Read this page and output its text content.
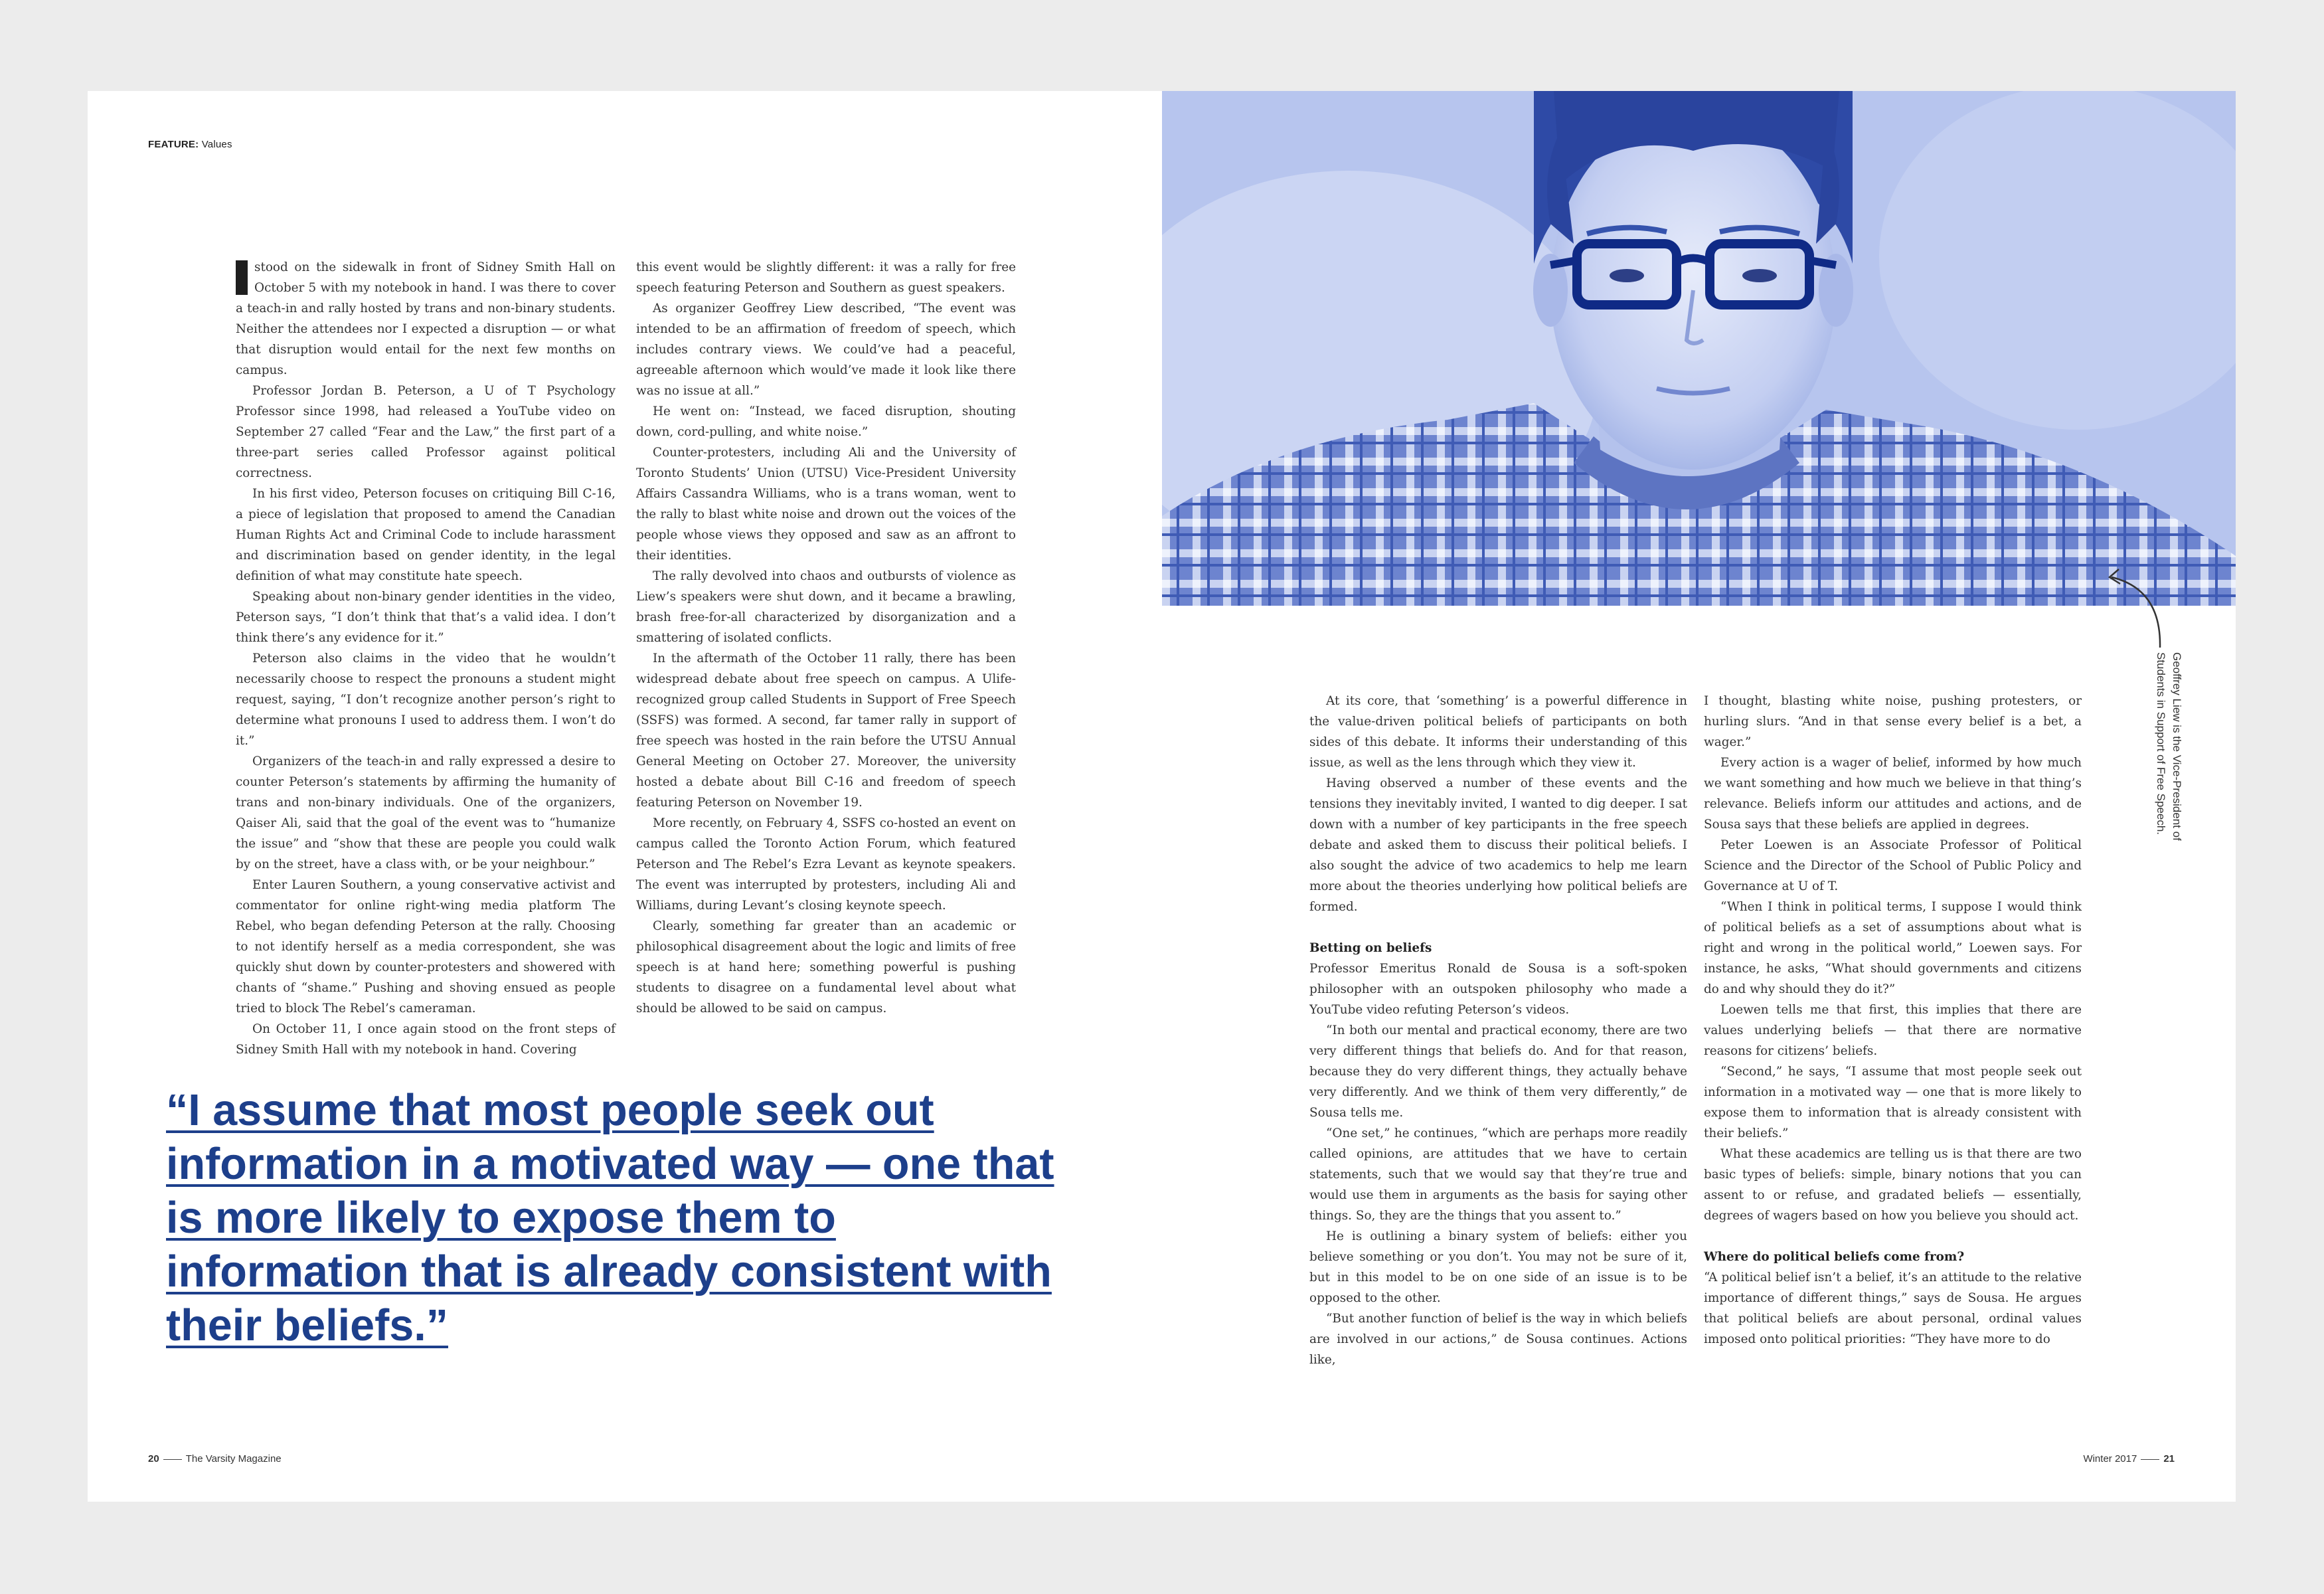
FEATURE: Values

stood on the sidewalk in front of Sidney Smith Hall on October 5 with my notebook in hand. I was there to cover a teach-in and rally hosted by trans and non-binary students. Neither the attendees nor I expected a disruption — or what that disruption would entail for the next few months on campus.

Professor Jordan B. Peterson, a U of T Psychology Professor since 1998, had released a YouTube video on September 27 called “Fear and the Law,” the first part of a three-part series called Professor against political correctness.

In his first video, Peterson focuses on critiquing Bill C-16, a piece of legislation that proposed to amend the Canadian Human Rights Act and Criminal Code to include harassment and discrimination based on gender identity, in the legal definition of what may constitute hate speech.

Speaking about non-binary gender identities in the video, Peterson says, “I don’t think that that’s a valid idea. I don’t think there’s any evidence for it.”

Peterson also claims in the video that he wouldn’t necessarily choose to respect the pronouns a student might request, saying, “I don’t recognize another person’s right to determine what pronouns I used to address them. I won’t do it.”

Organizers of the teach-in and rally expressed a desire to counter Peterson’s statements by affirming the humanity of trans and non-binary individuals. One of the organizers, Qaiser Ali, said that the goal of the event was to “humanize the issue” and “show that these are people you could walk by on the street, have a class with, or be your neighbour.”

Enter Lauren Southern, a young conservative activist and commentator for online right-wing media platform The Rebel, who began defending Peterson at the rally. Choosing to not identify herself as a media correspondent, she was quickly shut down by counter-protesters and showered with chants of “shame.” Pushing and shoving ensued as people tried to block The Rebel’s cameraman.

On October 11, I once again stood on the front steps of Sidney Smith Hall with my notebook in hand. Covering

this event would be slightly different: it was a rally for free speech featuring Peterson and Southern as guest speakers.

As organizer Geoffrey Liew described, “The event was intended to be an affirmation of freedom of speech, which includes contrary views. We could’ve had a peaceful, agreeable afternoon which would’ve made it look like there was no issue at all.”

He went on: “Instead, we faced disruption, shouting down, cord-pulling, and white noise.”

Counter-protesters, including Ali and the University of Toronto Students’ Union (UTSU) Vice-President University Affairs Cassandra Williams, who is a trans woman, went to the rally to blast white noise and drown out the voices of the people whose views they opposed and saw as an affront to their identities.

The rally devolved into chaos and outbursts of violence as Liew’s speakers were shut down, and it became a brawling, brash free-for-all characterized by disorganization and a smattering of isolated conflicts.

In the aftermath of the October 11 rally, there has been widespread debate about free speech on campus. A Ulife-recognized group called Students in Support of Free Speech (SSFS) was formed. A second, far tamer rally in support of free speech was hosted in the rain before the UTSU Annual General Meeting on October 27. Moreover, the university hosted a debate about Bill C-16 and freedom of speech featuring Peterson on November 19.

More recently, on February 4, SSFS co-hosted an event on campus called the Toronto Action Forum, which featured Peterson and The Rebel’s Ezra Levant as keynote speakers. The event was interrupted by protesters, including Ali and Williams, during Levant’s closing keynote speech.

Clearly, something far greater than an academic or philosophical disagreement about the logic and limits of free speech is at hand here; something powerful is pushing students to disagree on a fundamental level about what should be allowed to be said on campus.

“I assume that most people seek out information in a motivated way — one that is more likely to expose them to information that is already consistent with their beliefs.”

20	The Varsity Magazine
Geoffrey Liew is the Vice-President of Students in Support of Free Speech.

At its core, that ‘something’ is a powerful difference in the value-driven political beliefs of participants on both sides of this debate. It informs their understanding of this issue, as well as the lens through which they view it.

Having observed a number of these events and the tensions they inevitably invited, I wanted to dig deeper. I sat down with a number of key participants in the free speech debate and asked them to discuss their political beliefs. I also sought the advice of two academics to help me learn more about the theories underlying how political beliefs are formed.

Betting on beliefs

Professor Emeritus Ronald de Sousa is a soft-spoken philosopher with an outspoken philosophy who made a YouTube video refuting Peterson’s videos.

“In both our mental and practical economy, there are two very different things that beliefs do. And for that reason, because they do very different things, they actually behave very differently. And we think of them very differently,” de Sousa tells me.

“One set,” he continues, “which are perhaps more readily called opinions, are attitudes that we have to certain statements, such that we would say that they’re true and would use them in arguments as the basis for saying other things. So, they are the things that you assent to.”

He is outlining a binary system of beliefs: either you believe something or you don’t. You may not be sure of it, but in this model to be on one side of an issue is to be opposed to the other.

“But another function of belief is the way in which beliefs are involved in our actions,” de Sousa continues. Actions like,

I thought, blasting white noise, pushing protesters, or hurling slurs. “And in that sense every belief is a bet, a wager.”

Every action is a wager of belief, informed by how much we want something and how much we believe in that thing’s relevance. Beliefs inform our attitudes and actions, and de Sousa says that these beliefs are applied in degrees.

Peter Loewen is an Associate Professor of Political Science and the Director of the School of Public Policy and Governance at U of T.

“When I think in political terms, I suppose I would think of political beliefs as a set of assumptions about what is right and wrong in the political world,” Loewen says. For instance, he asks, “What should governments and citizens do and why should they do it?”

Loewen tells me that first, this implies that there are values underlying beliefs — that there are normative reasons for citizens’ beliefs.

“Second,” he says, “I assume that most people seek out information in a motivated way — one that is more likely to expose them to information that is already consistent with their beliefs.”

What these academics are telling us is that there are two basic types of beliefs: simple, binary notions that you can assent to or refuse, and gradated beliefs — essentially, degrees of wagers based on how you believe you should act.

Where do political beliefs come from?

“A political belief isn’t a belief, it’s an attitude to the relative importance of different things,” says de Sousa. He argues that political beliefs are about personal, ordinal values imposed onto political priorities: “They have more to do

Winter 2017	21
